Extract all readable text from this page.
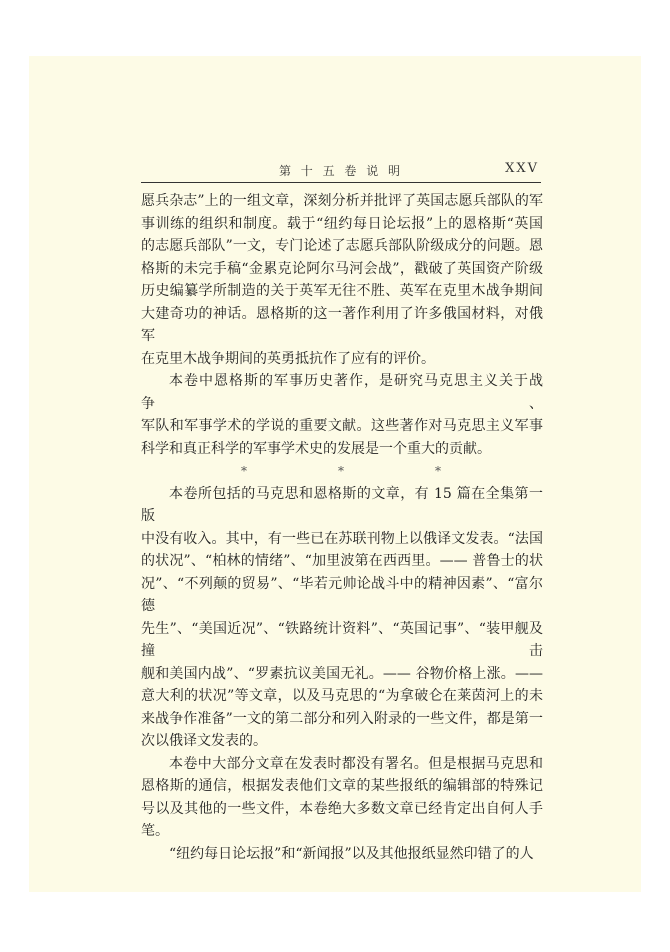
第 十 五 卷 说 明	XXV

愿兵杂志”上的一组文章，深刻分析并批评了英国志愿兵部队的军

事训练的组织和制度。载于“纽约每日论坛报”上的恩格斯“英国

的志愿兵部队”一文，专门论述了志愿兵部队阶级成分的问题。恩

格斯的未完手稿“金累克论阿尔马河会战”，戳破了英国资产阶级

历史编纂学所制造的关于英军无往不胜、英军在克里木战争期间

大建奇功的神话。恩格斯的这一著作利用了许多俄国材料，对俄军

在克里木战争期间的英勇抵抗作了应有的评价。

本卷中恩格斯的军事历史著作，是研究马克思主义关于战争、

军队和军事学术的学说的重要文献。这些著作对马克思主义军事

科学和真正科学的军事学术史的发展是一个重大的贡献。

*	*	*

本卷所包括的马克思和恩格斯的文章，有 15 篇在全集第一版

中没有收入。其中，有一些已在苏联刊物上以俄译文发表。“法国

的状况”、“柏林的情绪”、“加里波第在西西里。—— 普鲁士的状

况”、“不列颠的贸易”、“毕若元帅论战斗中的精神因素”、“富尔德

先生”、“美国近况”、“铁路统计资料”、“英国记事”、“装甲舰及撞击

舰和美国内战”、“罗素抗议美国无礼。—— 谷物价格上涨。——

意大利的状况”等文章，以及马克思的“为拿破仑在莱茵河上的未

来战争作准备”一文的第二部分和列入附录的一些文件，都是第一

次以俄译文发表的。

本卷中大部分文章在发表时都没有署名。但是根据马克思和

恩格斯的通信，根据发表他们文章的某些报纸的编辑部的特殊记

号以及其他的一些文件，本卷绝大多数文章已经肯定出自何人手

笔。

“纽约每日论坛报”和“新闻报”以及其他报纸显然印错了的人
